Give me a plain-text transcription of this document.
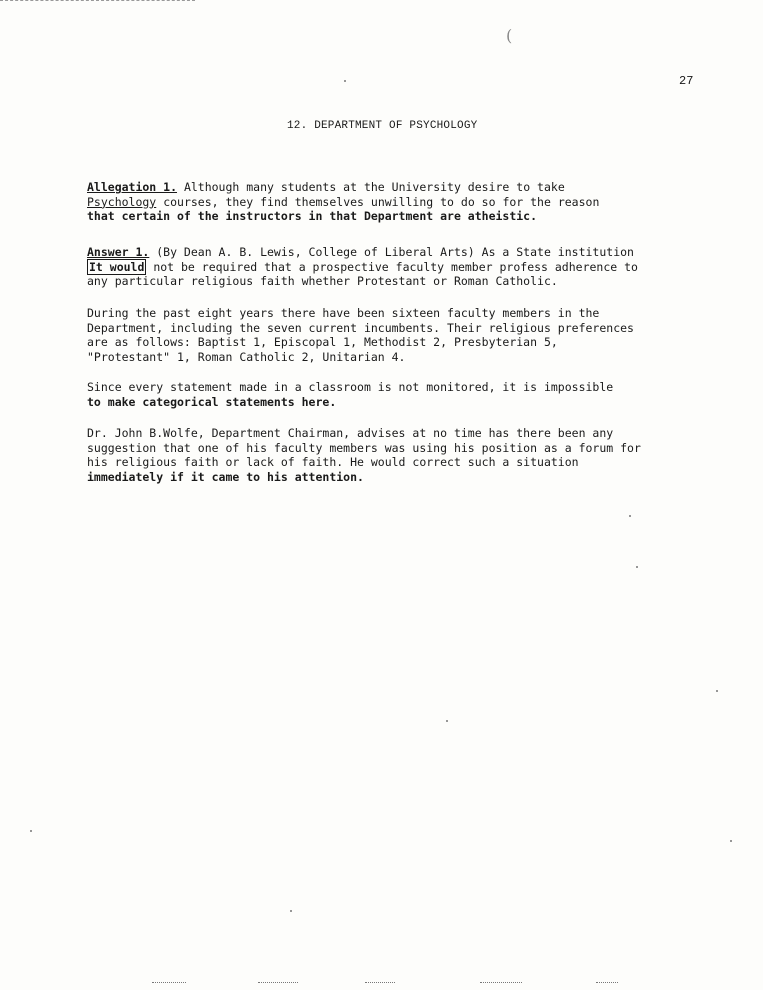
(
27
12. DEPARTMENT OF PSYCHOLOGY
Allegation 1. Although many students at the University desire to take
Psychology courses, they find themselves unwilling to do so for the reason
that certain of the instructors in that Department are atheistic.
Answer 1. (By Dean A. B. Lewis, College of Liberal Arts) As a State institution
It would not be required that a prospective faculty member profess adherence to
any particular religious faith whether Protestant or Roman Catholic.
During the past eight years there have been sixteen faculty members in the
Department, including the seven current incumbents. Their religious preferences
are as follows: Baptist 1, Episcopal 1, Methodist 2, Presbyterian 5,
"Protestant" 1, Roman Catholic 2, Unitarian 4.
Since every statement made in a classroom is not monitored, it is impossible
to make categorical statements here.
Dr. John B.Wolfe, Department Chairman, advises at no time has there been any
suggestion that one of his faculty members was using his position as a forum for
his religious faith or lack of faith. He would correct such a situation
immediately if it came to his attention.
